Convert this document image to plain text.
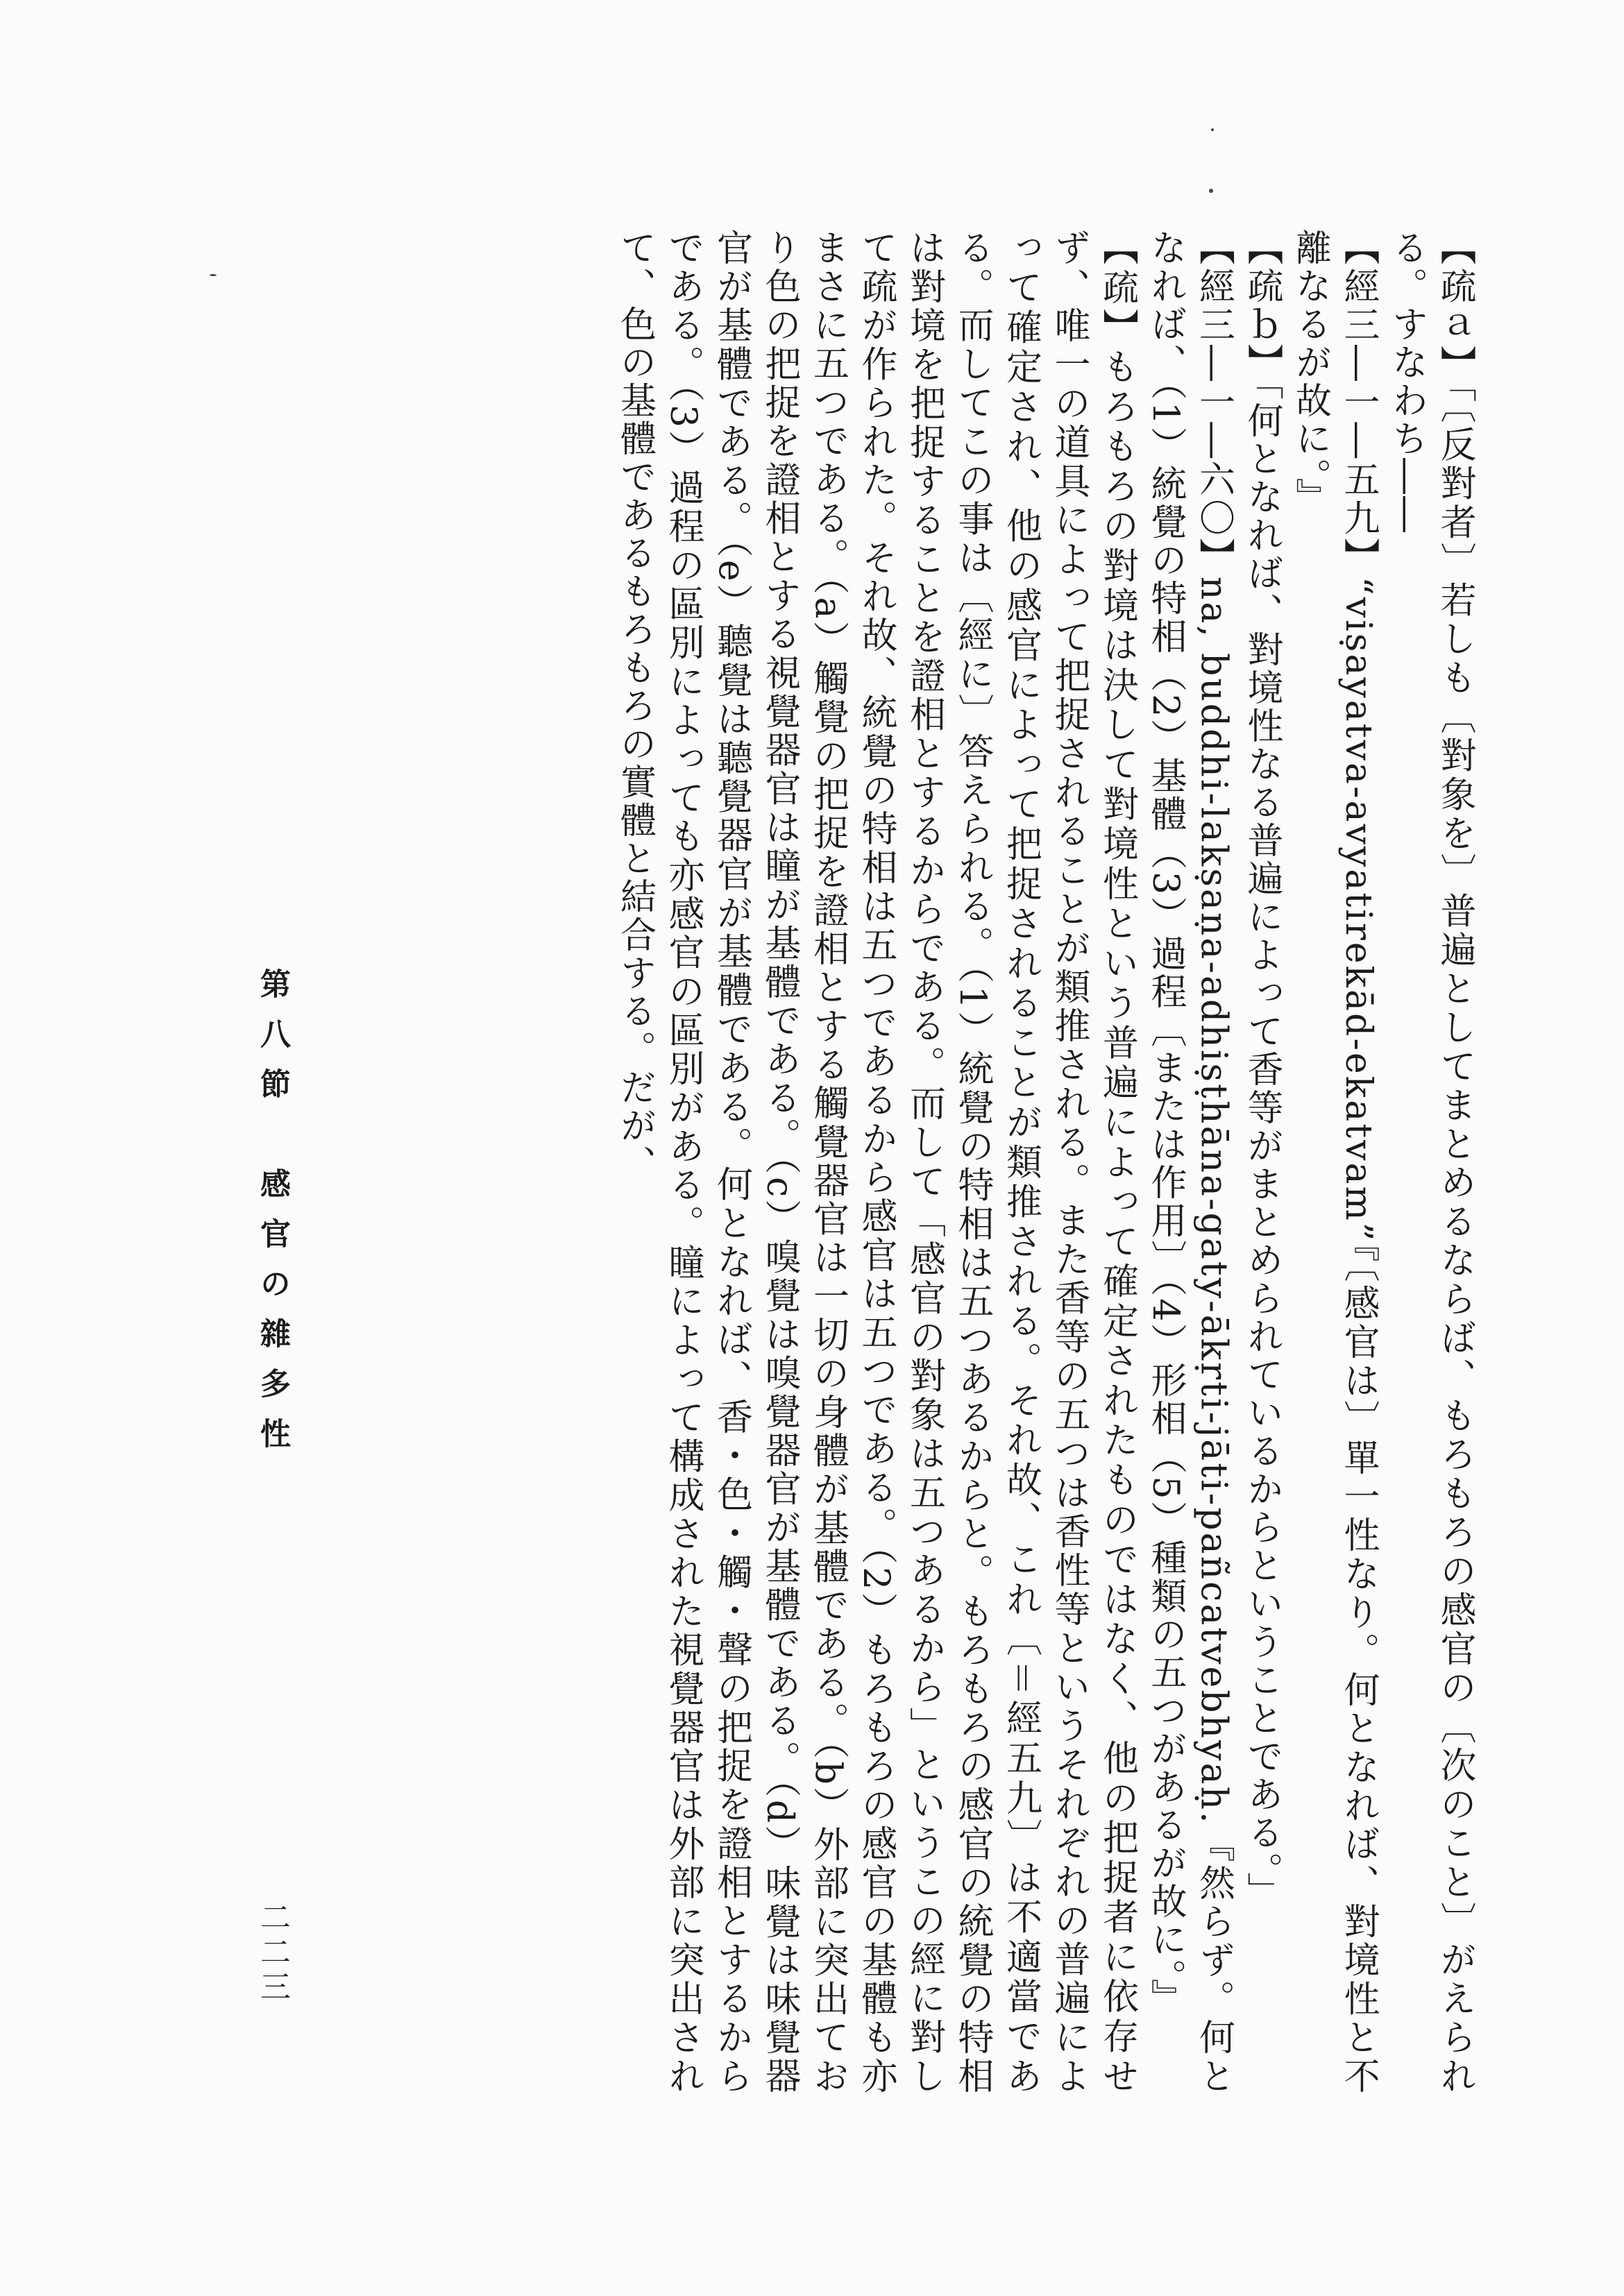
【疏ａ】「〔反對者〕若しも〔對象を〕普遍としてまとめるならば、もろもろの感官の〔次のこと〕がえられる。すなわち――

【經三―一―五九】“viṣayatva-avyatirekād-ekatvam”『〔感官は〕單一性なり。何となれば、對境性と不離なるが故に。』

【疏ｂ】「何となれば、對境性なる普遍によって香等がまとめられているからということである。」

【經三―一―六〇】na, buddhi-lakṣaṇa-adhiṣṭhāna-gaty-ākṛti-jāti-pañcatvebhyaḥ.『然らず。何となれば、（1）統覺の特相（2）基體（3）過程〔または作用〕（4）形相（5）種類の五つがあるが故に。』

【疏】もろもろの對境は決して對境性という普遍によって確定されたものではなく、他の把捉者に依存せず、唯一の道具によって把捉されることが類推される。また香等の五つは香性等というそれぞれの普遍によって確定され、他の感官によって把捉されることが類推される。それ故、これ〔＝經五九〕は不適當である。而してこの事は〔經に〕答えられる。（1）統覺の特相は五つあるからと。もろもろの感官の統覺の特相は對境を把捉することを證相とするからである。而して「感官の對象は五つあるから」というこの經に對して疏が作られた。それ故、統覺の特相は五つであるから感官は五つである。（2）もろもろの感官の基體も亦まさに五つである。（a）觸覺の把捉を證相とする觸覺器官は一切の身體が基體である。（b）外部に突出ており色の把捉を證相とする視覺器官は瞳が基體である。（c）嗅覺は嗅覺器官が基體である。（d）味覺は味覺器官が基體である。（e）聽覺は聽覺器官が基體である。何となれば、香・色・觸・聲の把捉を證相とするからである。（3）過程の區別によっても亦感官の區別がある。瞳によって構成された視覺器官は外部に突出されて、色の基體であるもろもろの實體と結合する。だが、

第八節　感官の雜多性
二二三
